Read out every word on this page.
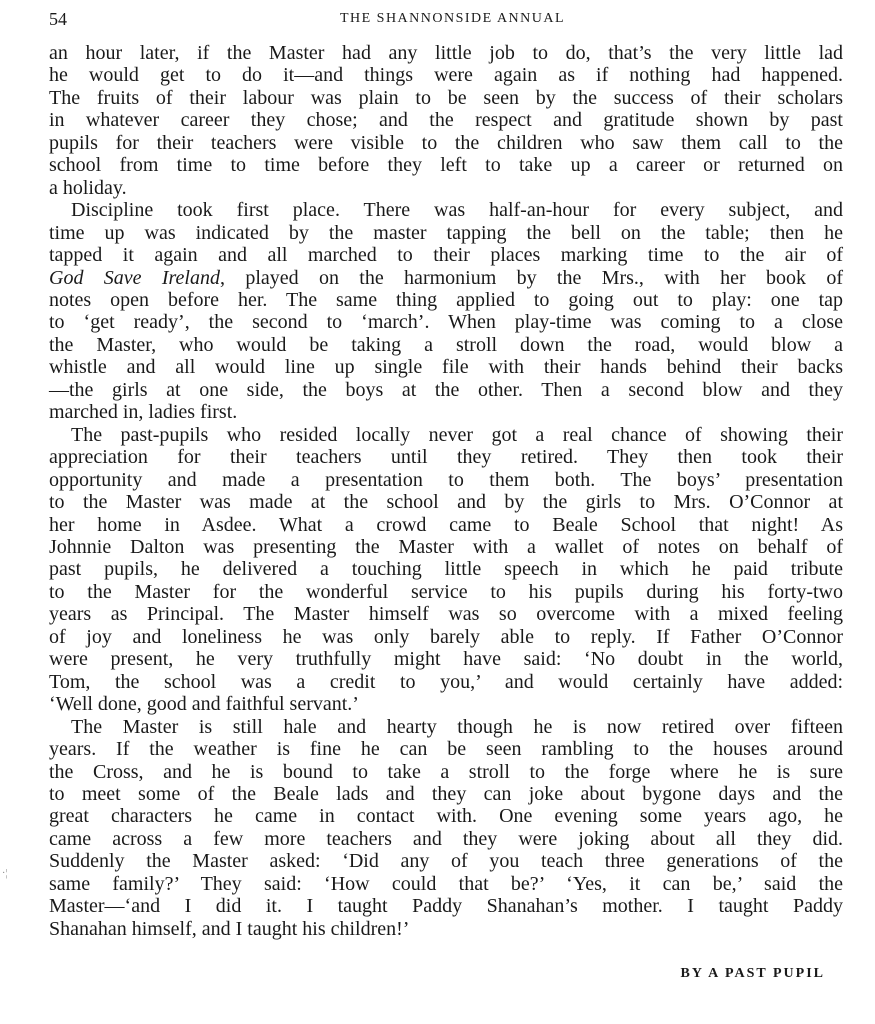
54	THE SHANNONSIDE ANNUAL
·¦
an hour later, if the Master had any little job to do, that’s the very little lad
he would get to do it—and things were again as if nothing had happened.
The fruits of their labour was plain to be seen by the success of their scholars
in whatever career they chose; and the respect and gratitude shown by past
pupils for their teachers were visible to the children who saw them call to the
school from time to time before they left to take up a career or returned on
a holiday.
Discipline took first place. There was half-an-hour for every subject, and
time up was indicated by the master tapping the bell on the table; then he
tapped it again and all marched to their places marking time to the air of
God Save Ireland, played on the harmonium by the Mrs., with her book of
notes open before her. The same thing applied to going out to play: one tap
to ‘get ready’, the second to ‘march’. When play-time was coming to a close
the Master, who would be taking a stroll down the road, would blow a
whistle and all would line up single file with their hands behind their backs
—the girls at one side, the boys at the other. Then a second blow and they
marched in, ladies first.
The past-pupils who resided locally never got a real chance of showing their
appreciation for their teachers until they retired. They then took their
opportunity and made a presentation to them both. The boys’ presentation
to the Master was made at the school and by the girls to Mrs. O’Connor at
her home in Asdee. What a crowd came to Beale School that night! As
Johnnie Dalton was presenting the Master with a wallet of notes on behalf of
past pupils, he delivered a touching little speech in which he paid tribute
to the Master for the wonderful service to his pupils during his forty-two
years as Principal. The Master himself was so overcome with a mixed feeling
of joy and loneliness he was only barely able to reply. If Father O’Connor
were present, he very truthfully might have said: ‘No doubt in the world,
Tom, the school was a credit to you,’ and would certainly have added:
‘Well done, good and faithful servant.’
The Master is still hale and hearty though he is now retired over fifteen
years. If the weather is fine he can be seen rambling to the houses around
the Cross, and he is bound to take a stroll to the forge where he is sure
to meet some of the Beale lads and they can joke about bygone days and the
great characters he came in contact with. One evening some years ago, he
came across a few more teachers and they were joking about all they did.
Suddenly the Master asked: ‘Did any of you teach three generations of the
same family?’ They said: ‘How could that be?’ ‘Yes, it can be,’ said the
Master—‘and I did it. I taught Paddy Shanahan’s mother. I taught Paddy
Shanahan himself, and I taught his children!’
BY A PAST PUPIL
